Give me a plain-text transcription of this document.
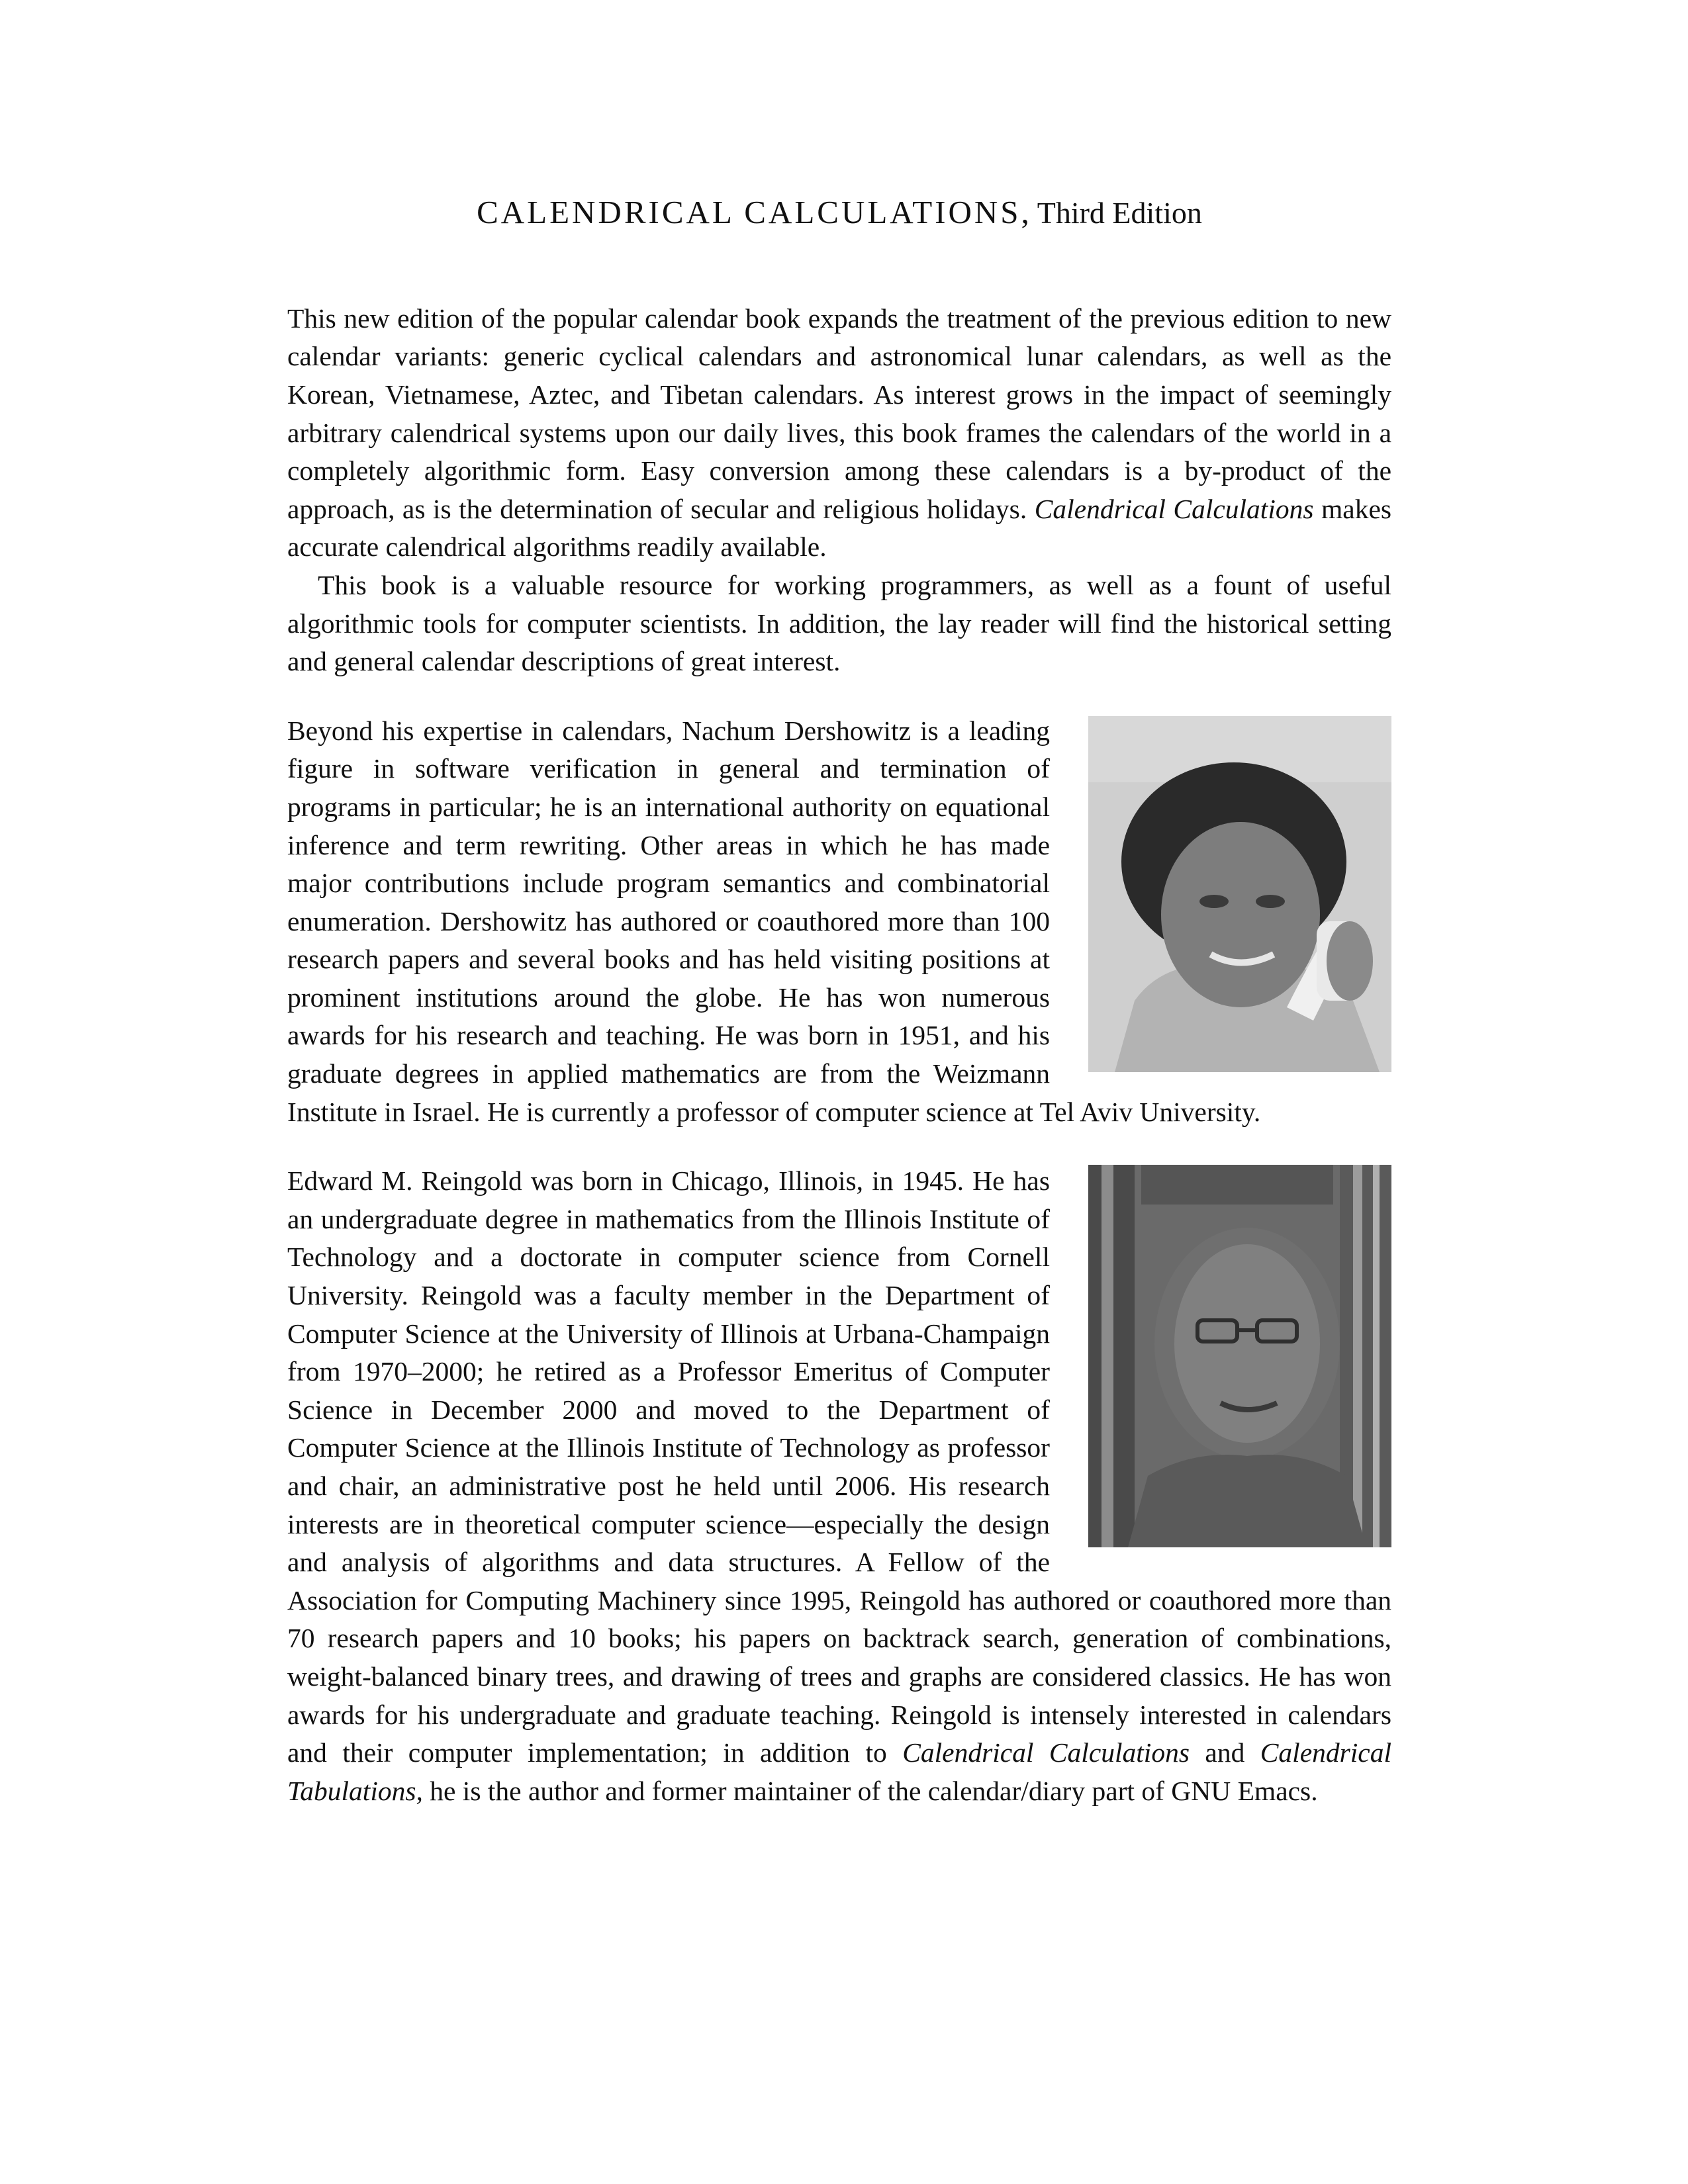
CALENDRICAL CALCULATIONS, Third Edition

This new edition of the popular calendar book expands the treatment of the previous edition to new calendar variants: generic cyclical calendars and astronomical lunar calendars, as well as the Korean, Vietnamese, Aztec, and Tibetan calendars. As interest grows in the impact of seemingly arbitrary calendrical systems upon our daily lives, this book frames the calendars of the world in a completely algorithmic form. Easy conversion among these calendars is a by-product of the approach, as is the determination of secular and religious holidays. Calendrical Calculations makes accurate calendrical algorithms readily available.

This book is a valuable resource for working programmers, as well as a fount of useful algorithmic tools for computer scientists. In addition, the lay reader will find the historical setting and general calendar descriptions of great interest.

Beyond his expertise in calendars, Nachum Dershowitz is a leading figure in software verification in general and termination of programs in particular; he is an international authority on equational inference and term rewriting. Other areas in which he has made major contributions include program semantics and combinatorial enumeration. Dershowitz has authored or coauthored more than 100 research papers and several books and has held visiting positions at prominent institutions around the globe. He has won numerous awards for his research and teaching. He was born in 1951, and his graduate degrees in applied mathematics are from the Weizmann Institute in Israel. He is currently a professor of computer science at Tel Aviv University.

Edward M. Reingold was born in Chicago, Illinois, in 1945. He has an undergraduate degree in mathematics from the Illinois Institute of Technology and a doctorate in computer science from Cornell University. Reingold was a faculty member in the Department of Computer Science at the University of Illinois at Urbana-Champaign from 1970–2000; he retired as a Professor Emeritus of Computer Science in December 2000 and moved to the Department of Computer Science at the Illinois Institute of Technology as professor and chair, an administrative post he held until 2006. His research interests are in theoretical computer science—especially the design and analysis of algorithms and data structures. A Fellow of the Association for Computing Machinery since 1995, Reingold has authored or coauthored more than 70 research papers and 10 books; his papers on backtrack search, generation of combinations, weight-balanced binary trees, and drawing of trees and graphs are considered classics. He has won awards for his undergraduate and graduate teaching. Reingold is intensely interested in calendars and their computer implementation; in addition to Calendrical Calculations and Calendrical Tabulations, he is the author and former maintainer of the calendar/diary part of GNU Emacs.
